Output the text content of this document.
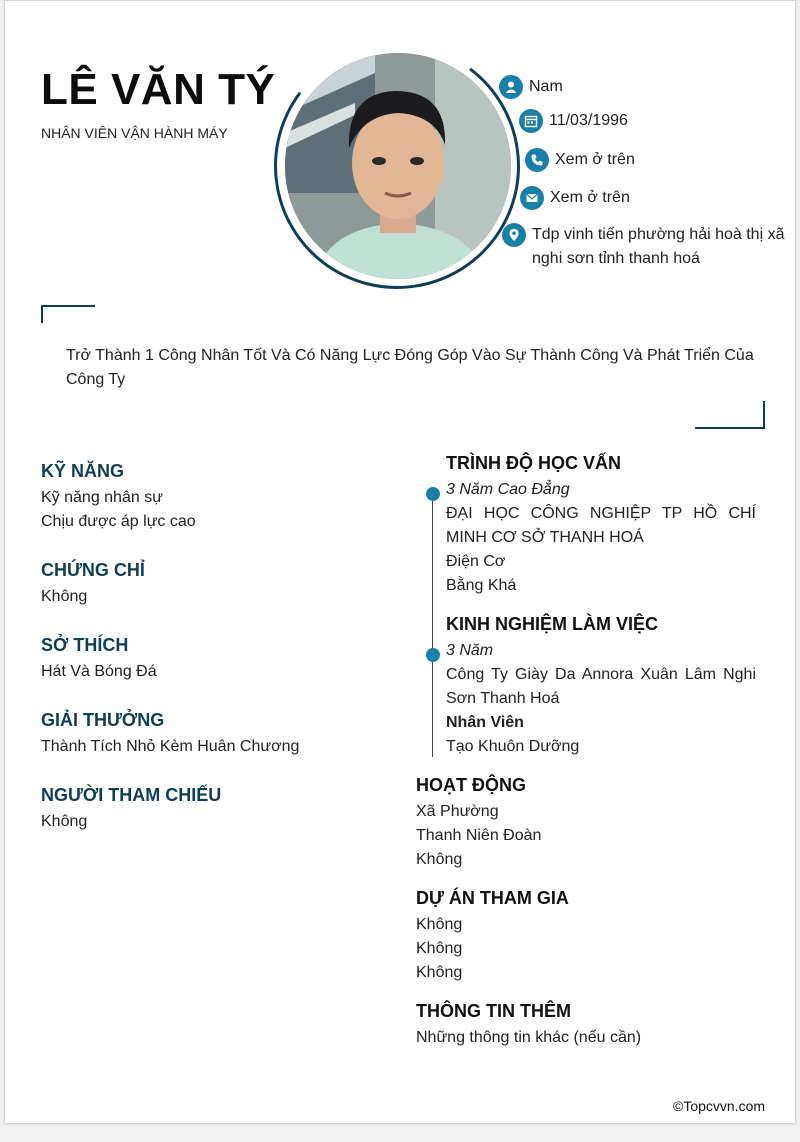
LÊ VĂN TÝ
NHÂN VIÊN VẬN HÀNH MÁY
Nam
11/03/1996
Xem ở trên
Xem ở trên
Tdp vinh tiến phường hải hoà thị xã nghi sơn tỉnh thanh hoá
Trở Thành 1 Công Nhân Tốt Và Có Năng Lực Đóng Góp Vào Sự Thành Công Và Phát Triển Của Công Ty
KỸ NĂNG

Kỹ năng nhân sự

Chịu được áp lực cao

CHỨNG CHỈ

Không

SỞ THÍCH

Hát Và Bóng Đá

GIẢI THƯỞNG

Thành Tích Nhỏ Kèm Huân Chương

NGƯỜI THAM CHIẾU

Không

TRÌNH ĐỘ HỌC VẤN

3 Năm Cao Đẳng

ĐẠI HỌC CÔNG NGHIỆP TP HỒ CHÍ MINH CƠ SỞ THANH HOÁ

Điện Cơ

Bằng Khá

KINH NGHIỆM LÀM VIỆC

3 Năm

Công Ty Giày Da Annora Xuân Lâm Nghi Sơn Thanh Hoá

Nhân Viên

Tạo Khuôn Dưỡng

HOẠT ĐỘNG

Xã Phường

Thanh Niên Đoàn

Không

DỰ ÁN THAM GIA

Không

Không

Không

THÔNG TIN THÊM

Những thông tin khác (nếu cần)

©Topcvvn.com
